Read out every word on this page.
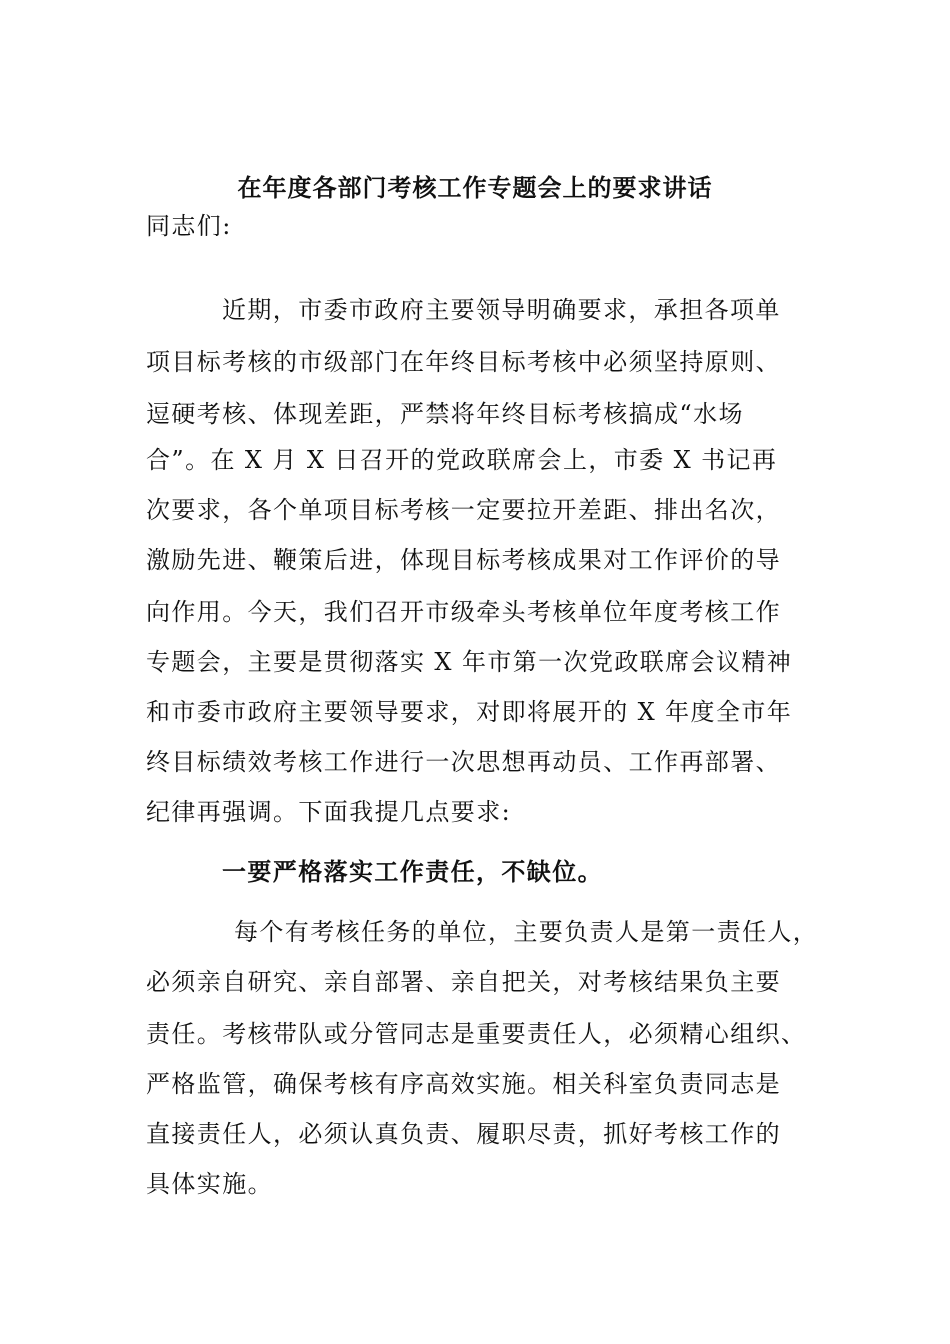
在年度各部门考核工作专题会上的要求讲话
同志们:
近期，市委市政府主要领导明确要求，承担各项单
项目标考核的市级部门在年终目标考核中必须坚持原则、
逗硬考核、体现差距，严禁将年终目标考核搞成“水场
合”。在 X 月 X 日召开的党政联席会上，市委 X 书记再
次要求，各个单项目标考核一定要拉开差距、排出名次，
激励先进、鞭策后进，体现目标考核成果对工作评价的导
向作用。今天，我们召开市级牵头考核单位年度考核工作
专题会，主要是贯彻落实 X 年市第一次党政联席会议精神
和市委市政府主要领导要求，对即将展开的 X 年度全市年
终目标绩效考核工作进行一次思想再动员、工作再部署、
纪律再强调。下面我提几点要求:
一要严格落实工作责任，不缺位。
每个有考核任务的单位，主要负责人是第一责任人，
必须亲自研究、亲自部署、亲自把关，对考核结果负主要
责任。考核带队或分管同志是重要责任人，必须精心组织、
严格监管，确保考核有序高效实施。相关科室负责同志是
直接责任人，必须认真负责、履职尽责，抓好考核工作的
具体实施。
